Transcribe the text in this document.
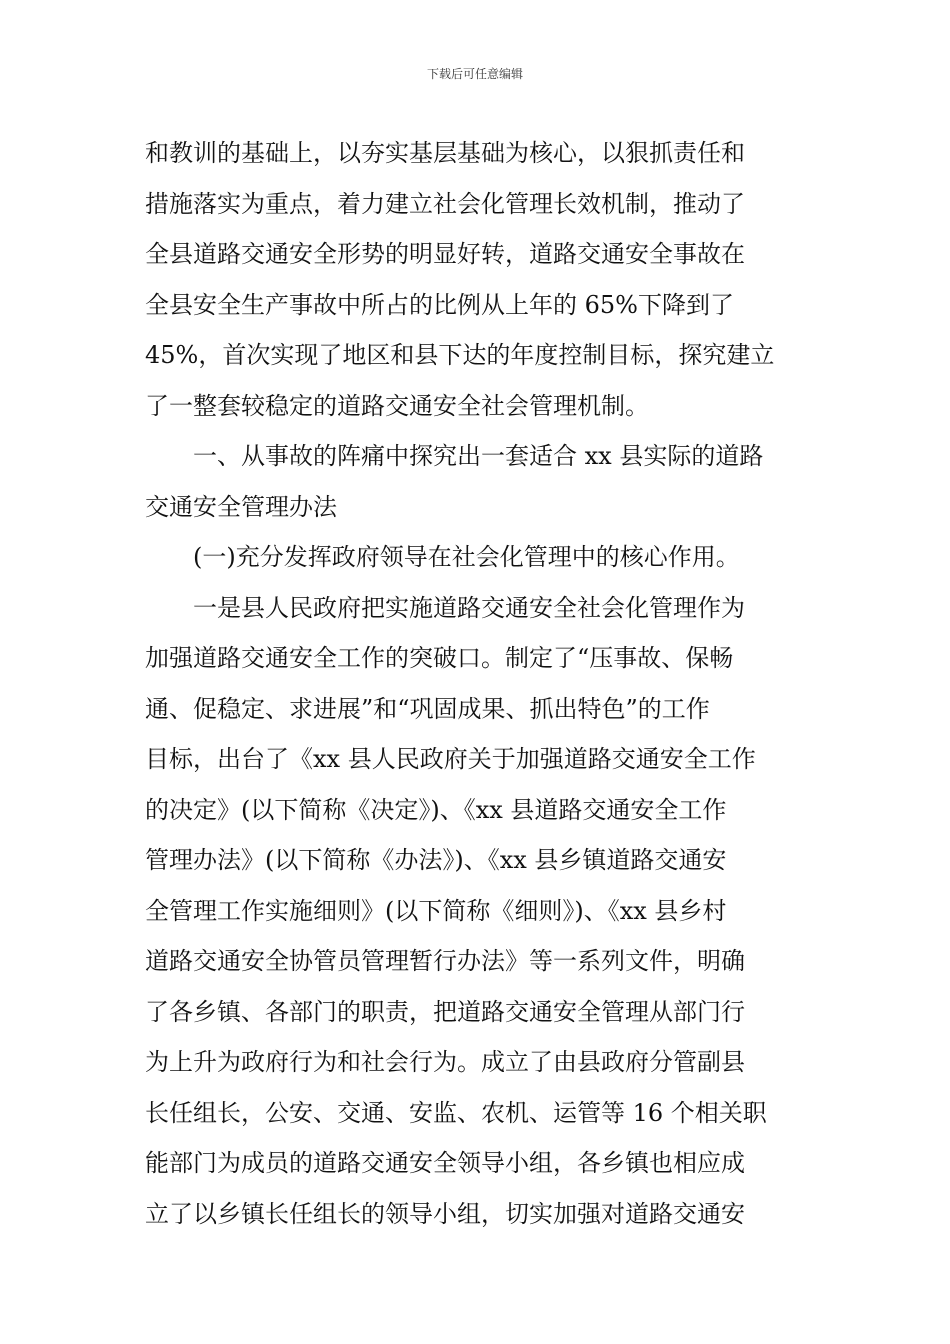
下载后可任意编辑
和教训的基础上，以夯实基层基础为核心，以狠抓责任和
措施落实为重点，着力建立社会化管理长效机制，推动了
全县道路交通安全形势的明显好转，道路交通安全事故在
全县安全生产事故中所占的比例从上年的 65%下降到了
45%，首次实现了地区和县下达的年度控制目标，探究建立
了一整套较稳定的道路交通安全社会管理机制。
一、从事故的阵痛中探究出一套适合 xx 县实际的道路
交通安全管理办法
(一)充分发挥政府领导在社会化管理中的核心作用。
一是县人民政府把实施道路交通安全社会化管理作为
加强道路交通安全工作的突破口。制定了“压事故、保畅
通、促稳定、求进展”和“巩固成果、抓出特色”的工作
目标，出台了《xx 县人民政府关于加强道路交通安全工作
的决定》(以下简称《决定》)、《xx 县道路交通安全工作
管理办法》(以下简称《办法》)、《xx 县乡镇道路交通安
全管理工作实施细则》(以下简称《细则》)、《xx 县乡村
道路交通安全协管员管理暂行办法》等一系列文件，明确
了各乡镇、各部门的职责，把道路交通安全管理从部门行
为上升为政府行为和社会行为。成立了由县政府分管副县
长任组长，公安、交通、安监、农机、运管等 16 个相关职
能部门为成员的道路交通安全领导小组，各乡镇也相应成
立了以乡镇长任组长的领导小组，切实加强对道路交通安
